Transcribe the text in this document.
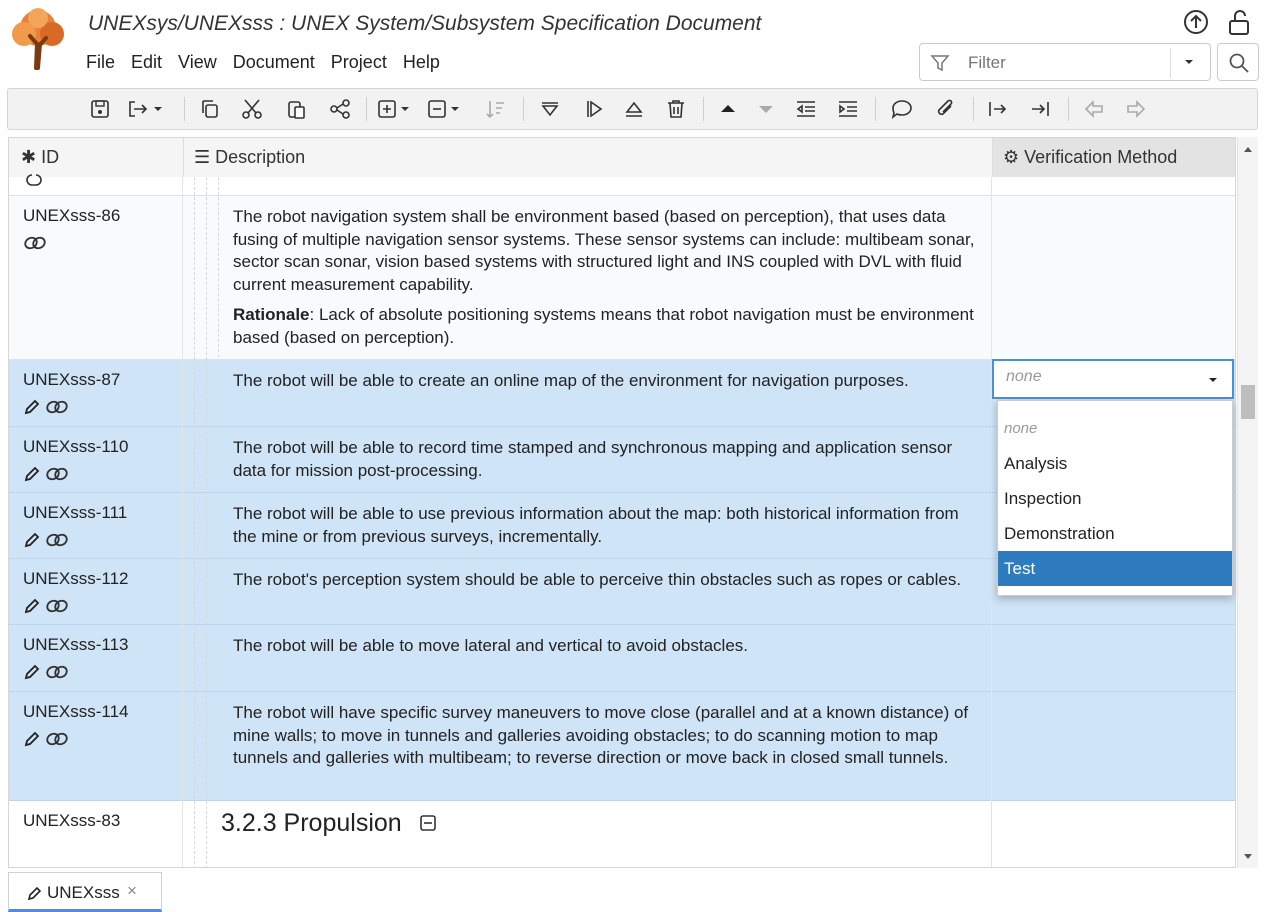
UNEXsys/UNEXsss : UNEX System/Subsystem Specification Document
File Edit View Document Project Help
Filter
✱ ID	☰ Description	⚙ Verification Method
UNEXsss-86	The robot navigation system shall be environment based (based on perception), that uses data fusing of multiple navigation sensor systems. These sensor systems can include: multibeam sonar, sector scan sonar, vision based systems with structured light and INS coupled with DVL with fluid current measurement capability.
Rationale: Lack of absolute positioning systems means that robot navigation must be environment based (based on perception).
UNEXsss-87	The robot will be able to create an online map of the environment for navigation purposes.
UNEXsss-110	The robot will be able to record time stamped and synchronous mapping and application sensor data for mission post-processing.
UNEXsss-111	The robot will be able to use previous information about the map: both historical information from the mine or from previous surveys, incrementally.
UNEXsss-112	The robot's perception system should be able to perceive thin obstacles such as ropes or cables.
UNEXsss-113	The robot will be able to move lateral and vertical to avoid obstacles.
UNEXsss-114	The robot will have specific survey maneuvers to move close (parallel and at a known distance) of mine walls; to move in tunnels and galleries avoiding obstacles; to do scanning motion to map tunnels and galleries with multibeam; to reverse direction or move back in closed small tunnels.
UNEXsss-83	3.2.3 Propulsion
none
none
Analysis
Inspection
Demonstration
Test
UNEXsss ×
